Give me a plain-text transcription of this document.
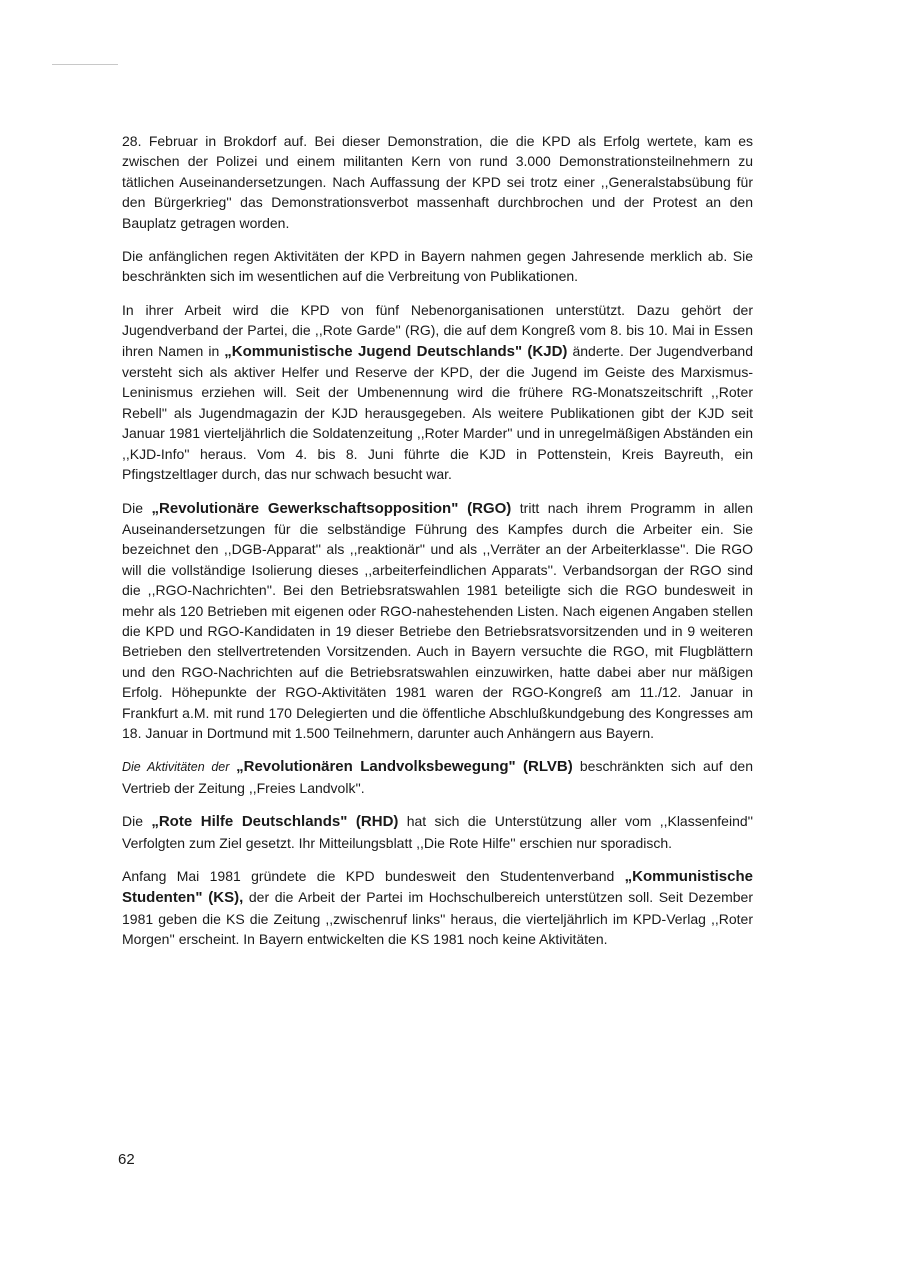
28. Februar in Brokdorf auf. Bei dieser Demonstration, die die KPD als Erfolg wertete, kam es zwischen der Polizei und einem militanten Kern von rund 3.000 Demonstrationsteilnehmern zu tätlichen Auseinandersetzungen. Nach Auffassung der KPD sei trotz einer ,,Generalstabsübung für den Bürgerkrieg'' das Demonstrationsverbot massenhaft durchbrochen und der Protest an den Bauplatz getragen worden.

Die anfänglichen regen Aktivitäten der KPD in Bayern nahmen gegen Jahresende merklich ab. Sie beschränkten sich im wesentlichen auf die Verbreitung von Publikationen.

In ihrer Arbeit wird die KPD von fünf Nebenorganisationen unterstützt. Dazu gehört der Jugendverband der Partei, die ,,Rote Garde'' (RG), die auf dem Kongreß vom 8. bis 10. Mai in Essen ihren Namen in „Kommunistische Jugend Deutschlands" (KJD) änderte. Der Jugendverband versteht sich als aktiver Helfer und Reserve der KPD, der die Jugend im Geiste des Marxismus-Leninismus erziehen will. Seit der Umbenennung wird die frühere RG-Monatszeitschrift ,,Roter Rebell'' als Jugendmagazin der KJD herausgegeben. Als weitere Publikationen gibt der KJD seit Januar 1981 vierteljährlich die Soldatenzeitung ,,Roter Marder'' und in unregelmäßigen Abständen ein ,,KJD-Info'' heraus. Vom 4. bis 8. Juni führte die KJD in Pottenstein, Kreis Bayreuth, ein Pfingstzeltlager durch, das nur schwach besucht war.

Die „Revolutionäre Gewerkschaftsopposition" (RGO) tritt nach ihrem Programm in allen Auseinandersetzungen für die selbständige Führung des Kampfes durch die Arbeiter ein. Sie bezeichnet den ,,DGB-Apparat'' als ,,reaktionär'' und als ,,Verräter an der Arbeiterklasse''. Die RGO will die vollständige Isolierung dieses ,,arbeiterfeindlichen Apparats''. Verbandsorgan der RGO sind die ,,RGO-Nachrichten''. Bei den Betriebsratswahlen 1981 beteiligte sich die RGO bundesweit in mehr als 120 Betrieben mit eigenen oder RGO-nahestehenden Listen. Nach eigenen Angaben stellen die KPD und RGO-Kandidaten in 19 dieser Betriebe den Betriebsratsvorsitzenden und in 9 weiteren Betrieben den stellvertretenden Vorsitzenden. Auch in Bayern versuchte die RGO, mit Flugblättern und den RGO-Nachrichten auf die Betriebsratswahlen einzuwirken, hatte dabei aber nur mäßigen Erfolg. Höhepunkte der RGO-Aktivitäten 1981 waren der RGO-Kongreß am 11./12. Januar in Frankfurt a.M. mit rund 170 Delegierten und die öffentliche Abschlußkundgebung des Kongresses am 18. Januar in Dortmund mit 1.500 Teilnehmern, darunter auch Anhängern aus Bayern.

Die Aktivitäten der „Revolutionären Landvolksbewegung" (RLVB) beschränkten sich auf den Vertrieb der Zeitung ,,Freies Landvolk''.

Die „Rote Hilfe Deutschlands" (RHD) hat sich die Unterstützung aller vom ,,Klassenfeind'' Verfolgten zum Ziel gesetzt. Ihr Mitteilungsblatt ,,Die Rote Hilfe'' erschien nur sporadisch.

Anfang Mai 1981 gründete die KPD bundesweit den Studentenverband „Kommunistische Studenten" (KS), der die Arbeit der Partei im Hochschulbereich unterstützen soll. Seit Dezember 1981 geben die KS die Zeitung ,,zwischenruf links'' heraus, die vierteljährlich im KPD-Verlag ,,Roter Morgen'' erscheint. In Bayern entwickelten die KS 1981 noch keine Aktivitäten.

62
